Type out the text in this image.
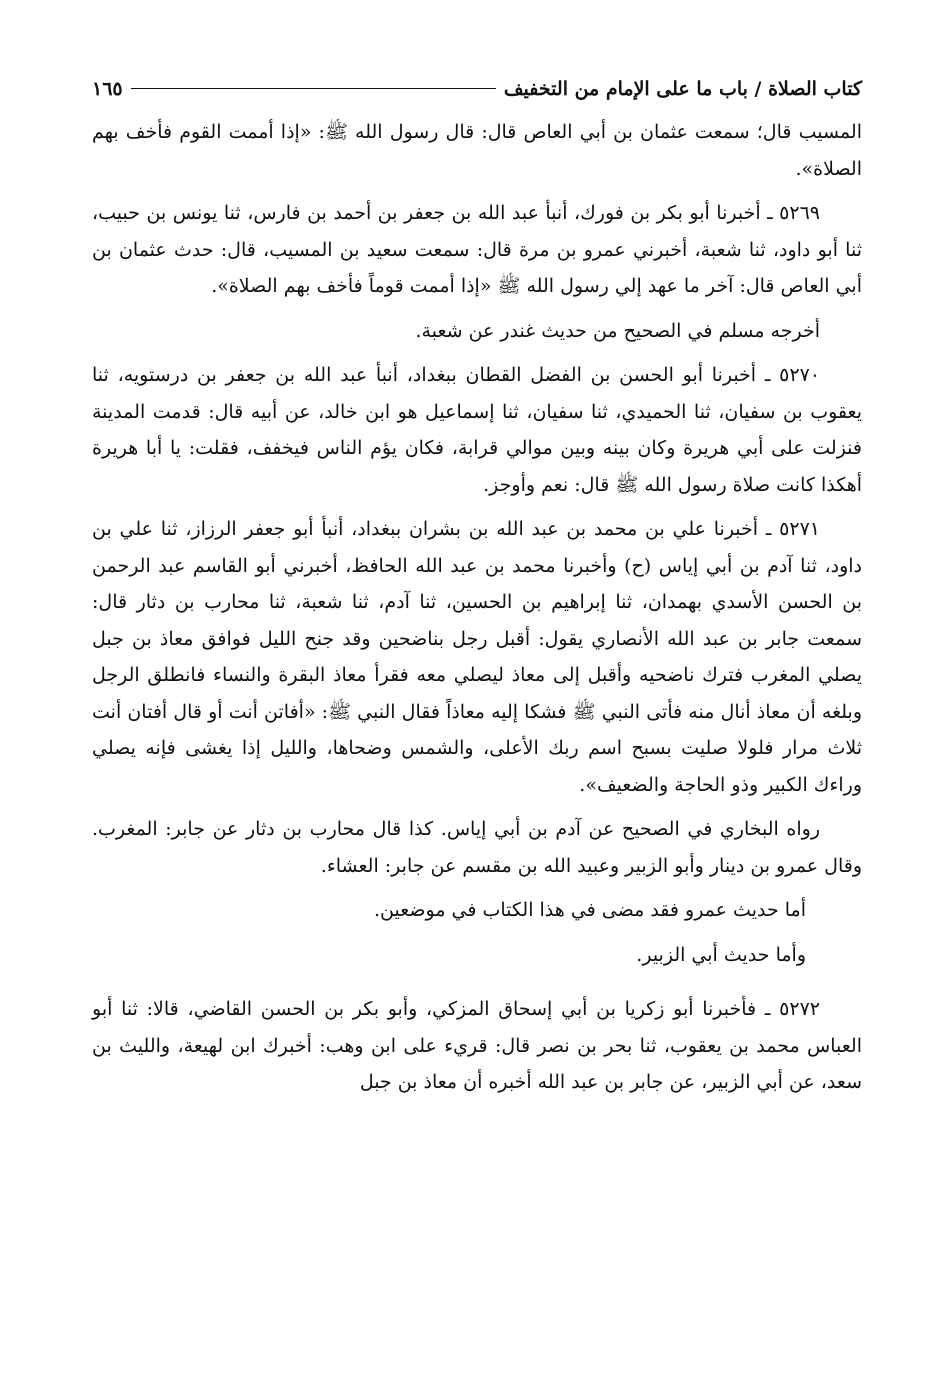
كتاب الصلاة / باب ما على الإمام من التخفيف
١٦٥

المسيب قال؛ سمعت عثمان بن أبي العاص قال: قال رسول الله ﷺ: «إذا أممت القوم فأخف بهم الصلاة».

٥٢٦٩ ـ أخبرنا أبو بكر بن فورك، أنبأ عبد الله بن جعفر بن أحمد بن فارس، ثنا يونس بن حبيب، ثنا أبو داود، ثنا شعبة، أخبرني عمرو بن مرة قال: سمعت سعيد بن المسيب، قال: حدث عثمان بن أبي العاص قال: آخر ما عهد إلي رسول الله ﷺ «إذا أممت قوماً فأخف بهم الصلاة».

أخرجه مسلم في الصحيح من حديث غندر عن شعبة.

٥٢٧٠ ـ أخبرنا أبو الحسن بن الفضل القطان ببغداد، أنبأ عبد الله بن جعفر بن درستويه، ثنا يعقوب بن سفيان، ثنا الحميدي، ثنا سفيان، ثنا إسماعيل هو ابن خالد، عن أبيه قال: قدمت المدينة فنزلت على أبي هريرة وكان بينه وبين موالي قرابة، فكان يؤم الناس فيخفف، فقلت: يا أبا هريرة أهكذا كانت صلاة رسول الله ﷺ قال: نعم وأوجز.

٥٢٧١ ـ أخبرنا علي بن محمد بن عبد الله بن بشران ببغداد، أنبأ أبو جعفر الرزاز، ثنا علي بن داود، ثنا آدم بن أبي إياس (ح) وأخبرنا محمد بن عبد الله الحافظ، أخبرني أبو القاسم عبد الرحمن بن الحسن الأسدي بهمدان، ثنا إبراهيم بن الحسين، ثنا آدم، ثنا شعبة، ثنا محارب بن دثار قال: سمعت جابر بن عبد الله الأنصاري يقول: أقبل رجل بناضحين وقد جنح الليل فوافق معاذ بن جبل يصلي المغرب فترك ناضحيه وأقبل إلى معاذ ليصلي معه فقرأ معاذ البقرة والنساء فانطلق الرجل وبلغه أن معاذ أنال منه فأتى النبي ﷺ فشكا إليه معاذاً فقال النبي ﷺ: «أفاتن أنت أو قال أفتان أنت ثلاث مرار فلولا صليت بسبح اسم ربك الأعلى، والشمس وضحاها، والليل إذا يغشى فإنه يصلي وراءك الكبير وذو الحاجة والضعيف».

رواه البخاري في الصحيح عن آدم بن أبي إياس. كذا قال محارب بن دثار عن جابر: المغرب. وقال عمرو بن دينار وأبو الزبير وعبيد الله بن مقسم عن جابر: العشاء.

أما حديث عمرو فقد مضى في هذا الكتاب في موضعين.

وأما حديث أبي الزبير.

٥٢٧٢ ـ فأخبرنا أبو زكريا بن أبي إسحاق المزكي، وأبو بكر بن الحسن القاضي، قالا: ثنا أبو العباس محمد بن يعقوب، ثنا بحر بن نصر قال: قريء على ابن وهب: أخبرك ابن لهيعة، والليث بن سعد، عن أبي الزبير، عن جابر بن عبد الله أخبره أن معاذ بن جبل
